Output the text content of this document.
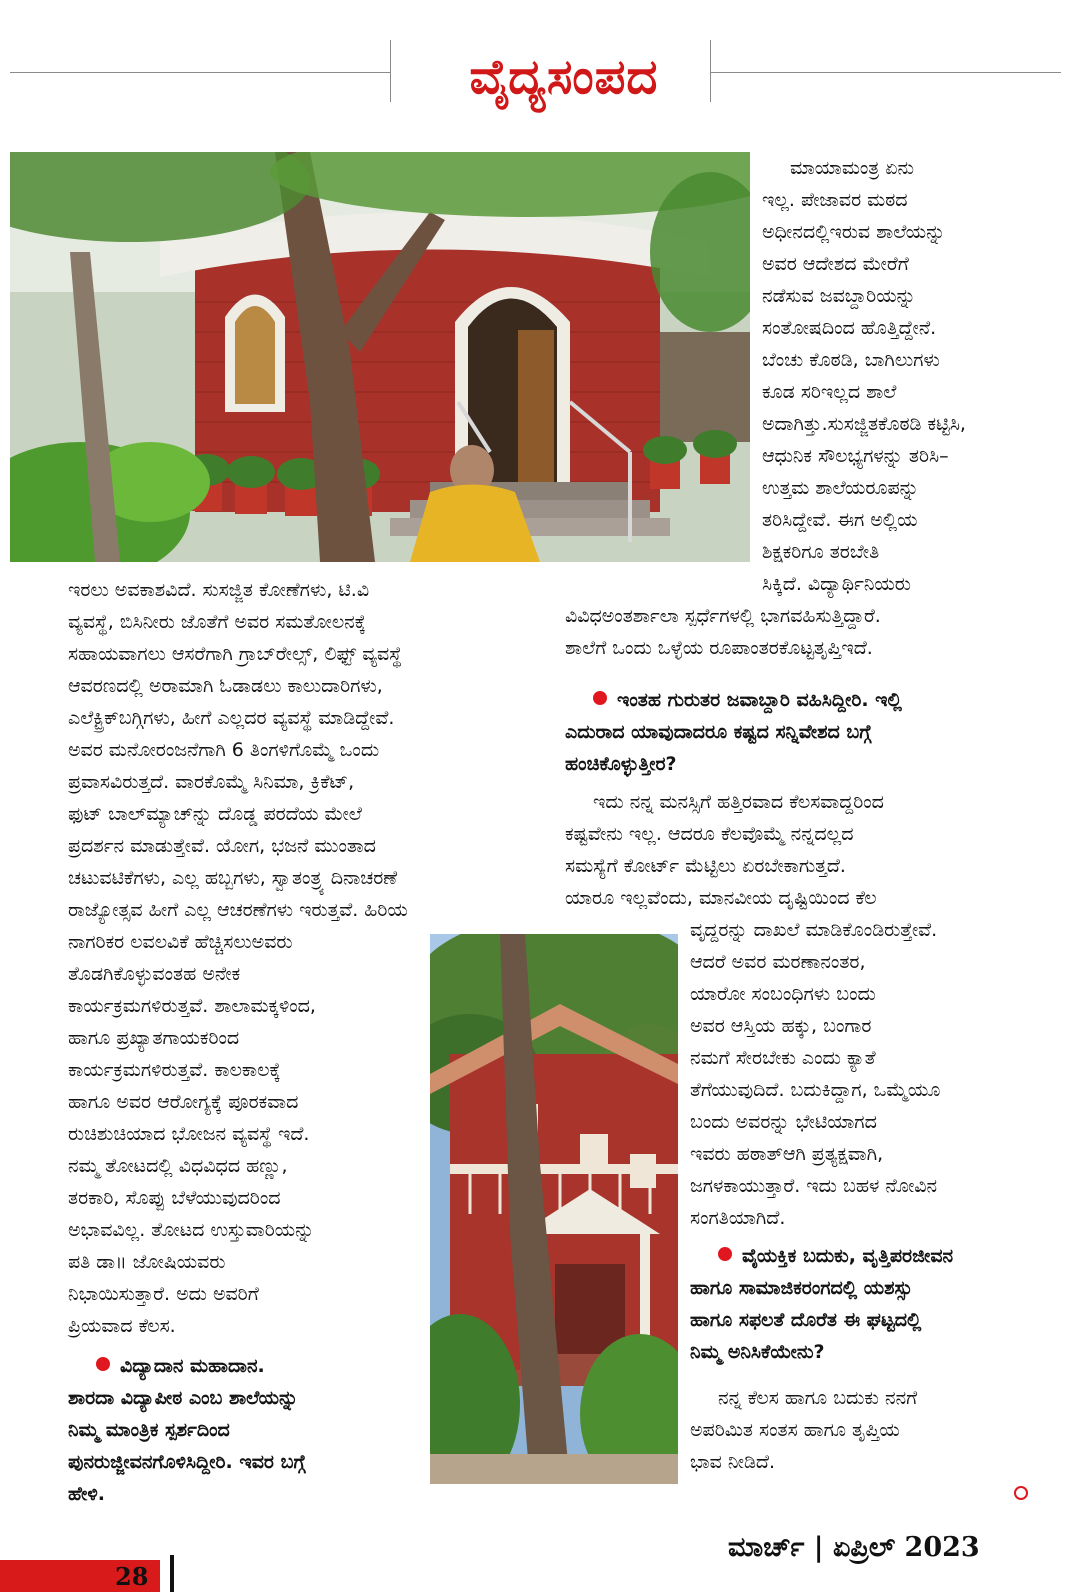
ವೈದ್ಯಸಂಪದ
ಮಾಯಾಮಂತ್ರ ಏನು
ಇಲ್ಲ. ಪೇಜಾವರ ಮಠದ
ಅಧೀನದಲ್ಲಿಇರುವ ಶಾಲೆಯನ್ನು
ಅವರ ಆದೇಶದ ಮೇರೆಗೆ
ನಡೆಸುವ ಜವಬ್ದಾರಿಯನ್ನು
ಸಂತೋಷದಿಂದ ಹೊತ್ತಿದ್ದೇನೆ.
ಬೆಂಚು ಕೊಠಡಿ, ಬಾಗಿಲುಗಳು
ಕೂಡ ಸರಿಇಲ್ಲದ ಶಾಲೆ
ಅದಾಗಿತ್ತು.ಸುಸಜ್ಜಿತಕೊಠಡಿ ಕಟ್ಟಿಸಿ,
ಆಧುನಿಕ ಸೌಲಭ್ಯಗಳನ್ನು ತರಿಸಿ–
ಉತ್ತಮ ಶಾಲೆಯರೂಪನ್ನು
ತರಿಸಿದ್ದೇವೆ. ಈಗ ಅಲ್ಲಿಯ
ಶಿಕ್ಷಕರಿಗೂ ತರಬೇತಿ
ಸಿಕ್ಕಿದೆ. ವಿದ್ಯಾರ್ಥಿನಿಯರು
ವಿವಿಧಅಂತರ್ಶಾಲಾ ಸ್ಪರ್ಧೆಗಳಲ್ಲಿ ಭಾಗವಹಿಸುತ್ತಿದ್ದಾರೆ.
ಶಾಲೆಗೆ ಒಂದು ಒಳ್ಳೆಯ ರೂಪಾಂತರಕೊಟ್ಟತೃಪ್ತಿಇದೆ.
ಇಂತಹ ಗುರುತರ ಜವಾಬ್ದಾರಿ ವಹಿಸಿದ್ದೀರಿ. ಇಲ್ಲಿ
ಎದುರಾದ ಯಾವುದಾದರೂ ಕಷ್ಟದ ಸನ್ನಿವೇಶದ ಬಗ್ಗೆ
ಹಂಚಿಕೊಳ್ಳುತ್ತೀರ?
ಇದು ನನ್ನ ಮನಸ್ಸಿಗೆ ಹತ್ತಿರವಾದ ಕೆಲಸವಾದ್ದರಿಂದ
ಕಷ್ಟವೇನು ಇಲ್ಲ. ಆದರೂ ಕೆಲವೊಮ್ಮೆ ನನ್ನದಲ್ಲದ
ಸಮಸ್ಯೆಗೆ ಕೋರ್ಟ್ ಮೆಟ್ಟಿಲು ಏರಬೇಕಾಗುತ್ತದೆ.
ಯಾರೂ ಇಲ್ಲವೆಂದು, ಮಾನವೀಯ ದೃಷ್ಟಿಯಿಂದ ಕೆಲ
ವೃದ್ದರನ್ನು ದಾಖಲೆ ಮಾಡಿಕೊಂಡಿರುತ್ತೇವೆ.
ಆದರೆ ಅವರ ಮರಣಾನಂತರ,
ಯಾರೋ ಸಂಬಂಧಿಗಳು ಬಂದು
ಅವರ ಆಸ್ತಿಯ ಹಕ್ಕು, ಬಂಗಾರ
ನಮಗೆ ಸೇರಬೇಕು ಎಂದು ಕ್ಯಾತೆ
ತೆಗೆಯುವುದಿದೆ. ಬದುಕಿದ್ದಾಗ, ಒಮ್ಮೆಯೂ
ಬಂದು ಅವರನ್ನು ಭೇಟಿಯಾಗದ
ಇವರು ಹಠಾತ್ಆಗಿ ಪ್ರತ್ಯಕ್ಷವಾಗಿ,
ಜಗಳಕಾಯುತ್ತಾರೆ. ಇದು ಬಹಳ ನೋವಿನ
ಸಂಗತಿಯಾಗಿದೆ.
ವೈಯಕ್ತಿಕ ಬದುಕು, ವೃತ್ತಿಪರಜೀವನ
ಹಾಗೂ ಸಾಮಾಜಿಕರಂಗದಲ್ಲಿ ಯಶಸ್ಸು
ಹಾಗೂ ಸಫಲತೆ ದೊರೆತ ಈ ಘಟ್ಟದಲ್ಲಿ
ನಿಮ್ಮ ಅನಿಸಿಕೆಯೇನು?
ನನ್ನ ಕೆಲಸ ಹಾಗೂ ಬದುಕು ನನಗೆ
ಅಪರಿಮಿತ ಸಂತಸ ಹಾಗೂ ತೃಪ್ತಿಯ
ಭಾವ ನೀಡಿದೆ.
ಇರಲು ಅವಕಾಶವಿದೆ. ಸುಸಜ್ಜಿತ ಕೋಣೆಗಳು, ಟಿ.ವಿ
ವ್ಯವಸ್ಥೆ, ಬಿಸಿನೀರು ಜೊತೆಗೆ ಅವರ ಸಮತೋಲನಕ್ಕೆ
ಸಹಾಯವಾಗಲು ಆಸರೆಗಾಗಿ ಗ್ರಾಬ್‌ರೇಲ್ಸ್, ಲಿಫ್ಟ್ ವ್ಯವಸ್ಥೆ
ಆವರಣದಲ್ಲಿ ಅರಾಮಾಗಿ ಓಡಾಡಲು ಕಾಲುದಾರಿಗಳು,
ಎಲೆಕ್ಟ್ರಿಕ್‌ಬಗ್ಗಿಗಳು, ಹೀಗೆ ಎಲ್ಲದರ ವ್ಯವಸ್ಥೆ ಮಾಡಿದ್ದೇವೆ.
ಅವರ ಮನೋರಂಜನೆಗಾಗಿ 6 ತಿಂಗಳಿಗೊಮ್ಮೆ ಒಂದು
ಪ್ರವಾಸವಿರುತ್ತದೆ. ವಾರಕೊಮ್ಮೆ ಸಿನಿಮಾ, ಕ್ರಿಕೆಟ್,
ಫುಟ್ ಬಾಲ್‌ಮ್ಯಾಚ್‌ನ್ನು ದೊಡ್ಡ ಪರದೆಯ ಮೇಲೆ
ಪ್ರದರ್ಶನ ಮಾಡುತ್ತೇವೆ. ಯೋಗ, ಭಜನೆ ಮುಂತಾದ
ಚಟುವಟಿಕೆಗಳು, ಎಲ್ಲ ಹಬ್ಬಗಳು, ಸ್ವಾತಂತ್ರ್ಯ ದಿನಾಚರಣೆ
ರಾಜ್ಯೋತ್ಸವ ಹೀಗೆ ಎಲ್ಲ ಆಚರಣೆಗಳು ಇರುತ್ತವೆ. ಹಿರಿಯ
ನಾಗರಿಕರ ಲವಲವಿಕೆ ಹೆಚ್ಚಿಸಲುಅವರು
ತೊಡಗಿಕೊಳ್ಳುವಂತಹ ಅನೇಕ
ಕಾರ್ಯಕ್ರಮಗಳಿರುತ್ತವೆ. ಶಾಲಾಮಕ್ಕಳಿಂದ,
ಹಾಗೂ ಪ್ರಖ್ಯಾತಗಾಯಕರಿಂದ
ಕಾರ್ಯಕ್ರಮಗಳಿರುತ್ತವೆ. ಕಾಲಕಾಲಕ್ಕೆ
ಹಾಗೂ ಅವರ ಆರೋಗ್ಯಕ್ಕೆ ಪೂರಕವಾದ
ರುಚಿಶುಚಿಯಾದ ಭೋಜನ ವ್ಯವಸ್ಥೆ ಇದೆ.
ನಮ್ಮ ತೋಟದಲ್ಲಿ ವಿಧವಿಧದ ಹಣ್ಣು,
ತರಕಾರಿ, ಸೊಪ್ಪು ಬೆಳೆಯುವುದರಿಂದ
ಅಭಾವವಿಲ್ಲ. ತೋಟದ ಉಸ್ತುವಾರಿಯನ್ನು
ಪತಿ ಡಾ॥ ಜೋಷಿಯವರು
ನಿಭಾಯಿಸುತ್ತಾರೆ. ಅದು ಅವರಿಗೆ
ಪ್ರಿಯವಾದ ಕೆಲಸ.
ವಿದ್ಯಾದಾನ ಮಹಾದಾನ.
ಶಾರದಾ ವಿದ್ಯಾಪೀಠ ಎಂಬ ಶಾಲೆಯನ್ನು
ನಿಮ್ಮ ಮಾಂತ್ರಿಕ ಸ್ಪರ್ಶದಿಂದ
ಪುನರುಜ್ಜೀವನಗೊಳಿಸಿದ್ದೀರಿ. ಇವರ ಬಗ್ಗೆ
ಹೇಳಿ.
28
ಮಾರ್ಚ್ | ಏಪ್ರಿಲ್ 2023
